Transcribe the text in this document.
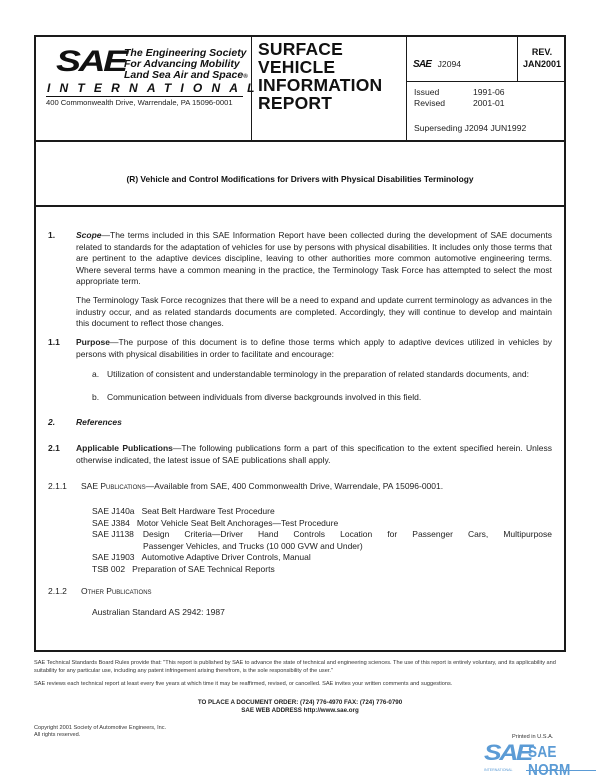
SAE
The Engineering Society
For Advancing Mobility
Land Sea Air and Space®
INTERNATIONAL
400 Commonwealth Drive, Warrendale, PA 15096-0001
SURFACE
VEHICLE
INFORMATION
REPORT
SAE J2094
REV.
JAN2001
Issued	1991-06
Revised	2001-01
Superseding J2094 JUN1992
(R) Vehicle and Control Modifications for Drivers with Physical Disabilities Terminology
1. Scope—The terms included in this SAE Information Report have been collected during the development of SAE documents related to standards for the adaptation of vehicles for use by persons with physical disabilities. It includes only those terms that are pertinent to the adaptive devices discipline, leaving to other authorities more common automotive engineering terms. Where several terms have a common meaning in the practice, the Terminology Task Force has attempted to select the most appropriate term.
The Terminology Task Force recognizes that there will be a need to expand and update current terminology as advances in the industry occur, and as related standards documents are completed. Accordingly, they will continue to develop and maintain this document to reflect those changes.
1.1 Purpose—The purpose of this document is to define those terms which apply to adaptive devices utilized in vehicles by persons with physical disabilities in order to facilitate and encourage:
a. Utilization of consistent and understandable terminology in the preparation of related standards documents, and:
b. Communication between individuals from diverse backgrounds involved in this field.
2. References
2.1 Applicable Publications—The following publications form a part of this specification to the extent specified herein. Unless otherwise indicated, the latest issue of SAE publications shall apply.
2.1.1 SAE Publications—Available from SAE, 400 Commonwealth Drive, Warrendale, PA 15096-0001.
SAE J140a Seat Belt Hardware Test Procedure
SAE J384 Motor Vehicle Seat Belt Anchorages—Test Procedure
SAE J1138 Design Criteria—Driver Hand Controls Location for Passenger Cars, Multipurpose
Passenger Vehicles, and Trucks (10 000 GVW and Under)
SAE J1903 Automotive Adaptive Driver Controls, Manual
TSB 002 Preparation of SAE Technical Reports
2.1.2 Other Publications
Australian Standard AS 2942: 1987
SAE Technical Standards Board Rules provide that: "This report is published by SAE to advance the state of technical and engineering sciences. The use of this report is entirely voluntary, and its applicability and suitability for any particular use, including any patent infringement arising therefrom, is the sole responsibility of the user."
SAE reviews each technical report at least every five years at which time it may be reaffirmed, revised, or cancelled. SAE invites your written comments and suggestions.
TO PLACE A DOCUMENT ORDER: (724) 776-4970 FAX: (724) 776-0790
SAE WEB ADDRESS http://www.sae.org
Copyright 2001 Society of Automotive Engineers, Inc.
All rights reserved.	Printed in U.S.A.
SAE
SAE NORM
INTERNATIONAL
